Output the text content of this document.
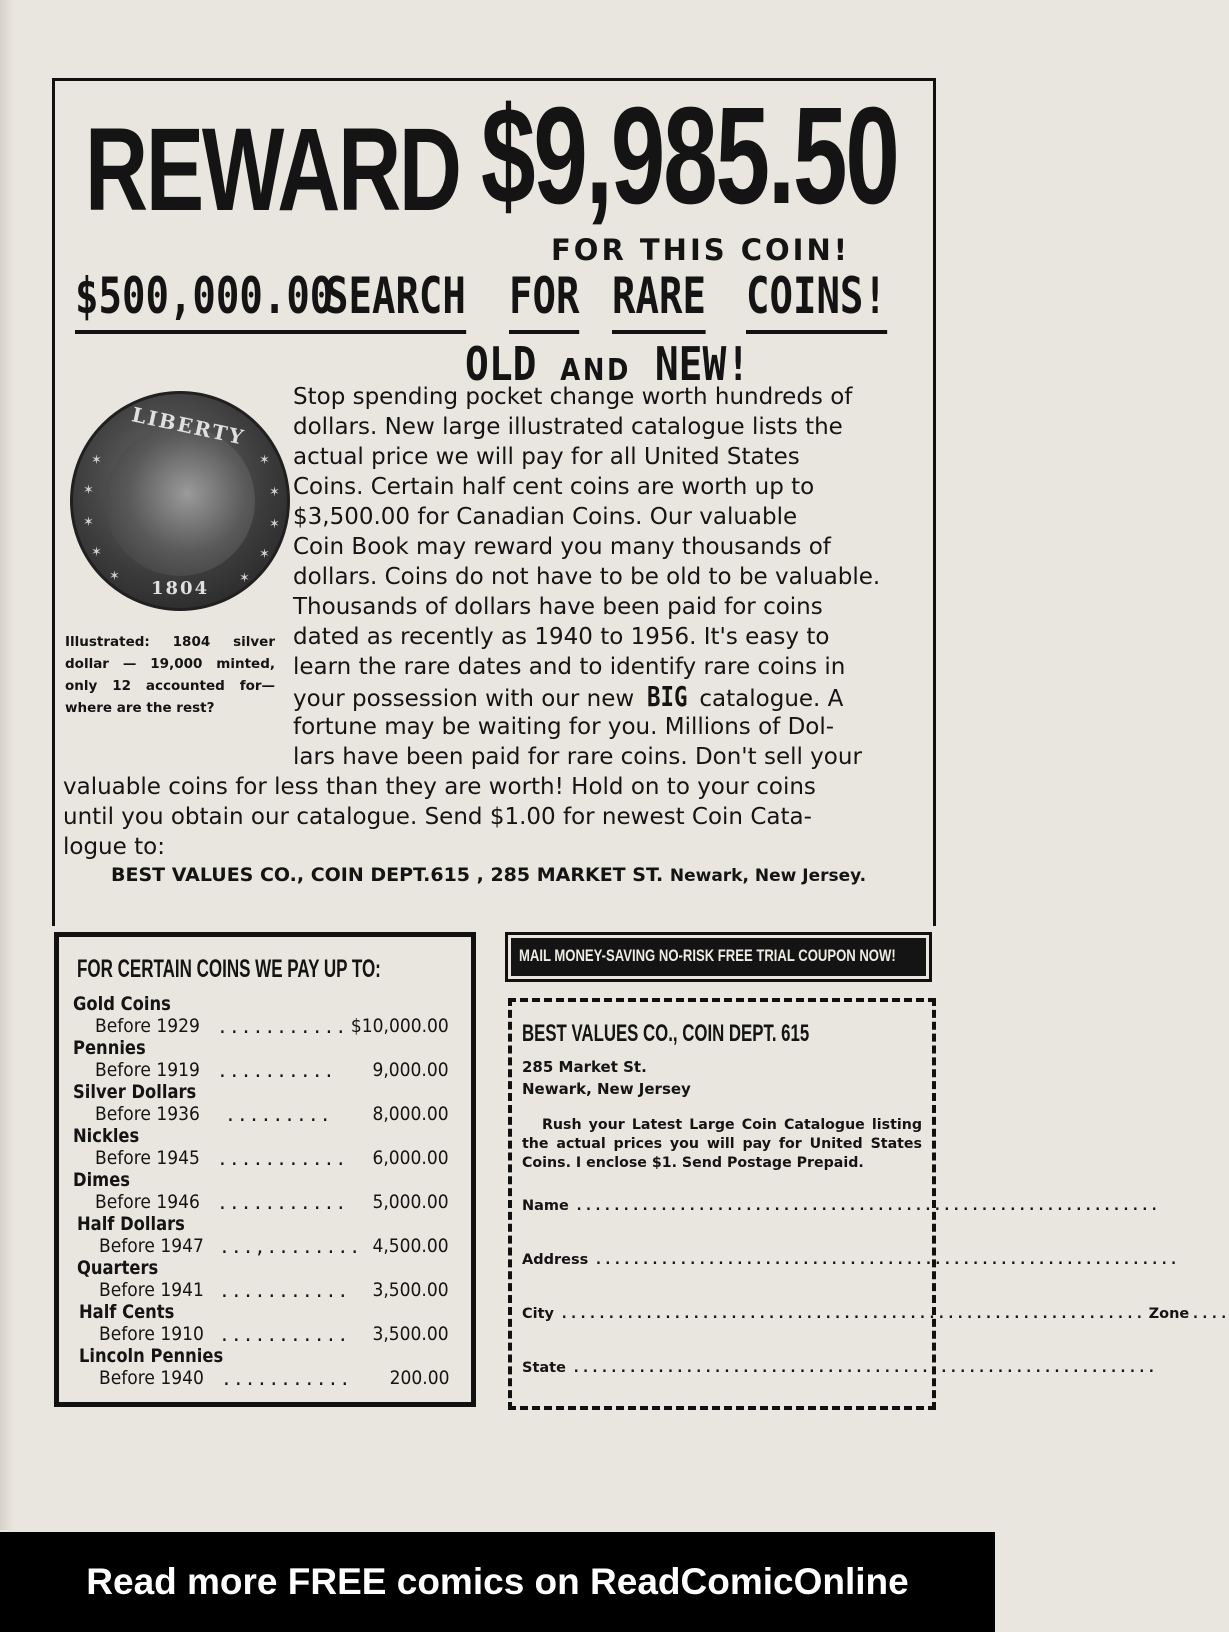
REWARD $9,985.50
FOR THIS COIN!
$500,000.00
SEARCH FOR RARE COINS!
OLD AND NEW!
LIBERTY
1804
✶
✶
✶
✶
✶
✶
✶
✶
✶
✶
Illustrated: 1804 silver dollar — 19,000 minted, only 12 accounted for— where are the rest?
Stop spending pocket change worth hundreds of
dollars. New large illustrated catalogue lists the
actual price we will pay for all United States
Coins. Certain half cent coins are worth up to
$3,500.00 for Canadian Coins. Our valuable
Coin Book may reward you many thousands of
dollars. Coins do not have to be old to be valuable.
Thousands of dollars have been paid for coins
dated as recently as 1940 to 1956. It's easy to
learn the rare dates and to identify rare coins in
your possession with our new BIG catalogue. A
fortune may be waiting for you. Millions of Dol-
lars have been paid for rare coins. Don't sell your
valuable coins for less than they are worth! Hold on to your coins
until you obtain our catalogue. Send $1.00 for newest Coin Cata-
logue to:
BEST VALUES CO., COIN DEPT.615 , 285 MARKET ST. Newark, New Jersey.
FOR CERTAIN COINS WE PAY UP TO:
Gold Coins
Before 1929 ........... $10,000.00
Pennies
Before 1919 .......... 9,000.00
Silver Dollars
Before 1936 ......... 8,000.00
Nickles
Before 1945 ........... 6,000.00
Dimes
Before 1946 ........... 5,000.00
Half Dollars
Before 1947 ...,........ 4,500.00
Quarters
Before 1941 ........... 3,500.00
Half Cents
Before 1910 ........... 3,500.00
Lincoln Pennies
Before 1940 ........... 200.00
MAIL MONEY-SAVING NO-RISK FREE TRIAL COUPON NOW!
BEST VALUES CO., COIN DEPT. 615
285 Market St.
Newark, New Jersey
Rush your Latest Large Coin Catalogue listing the actual prices you will pay for United States Coins. I enclose $1. Send Postage Prepaid.
Name ..............................................................
Address ..............................................................
City .............................................................. Zone ....
State ..............................................................
Read more FREE comics on ReadComicOnline
